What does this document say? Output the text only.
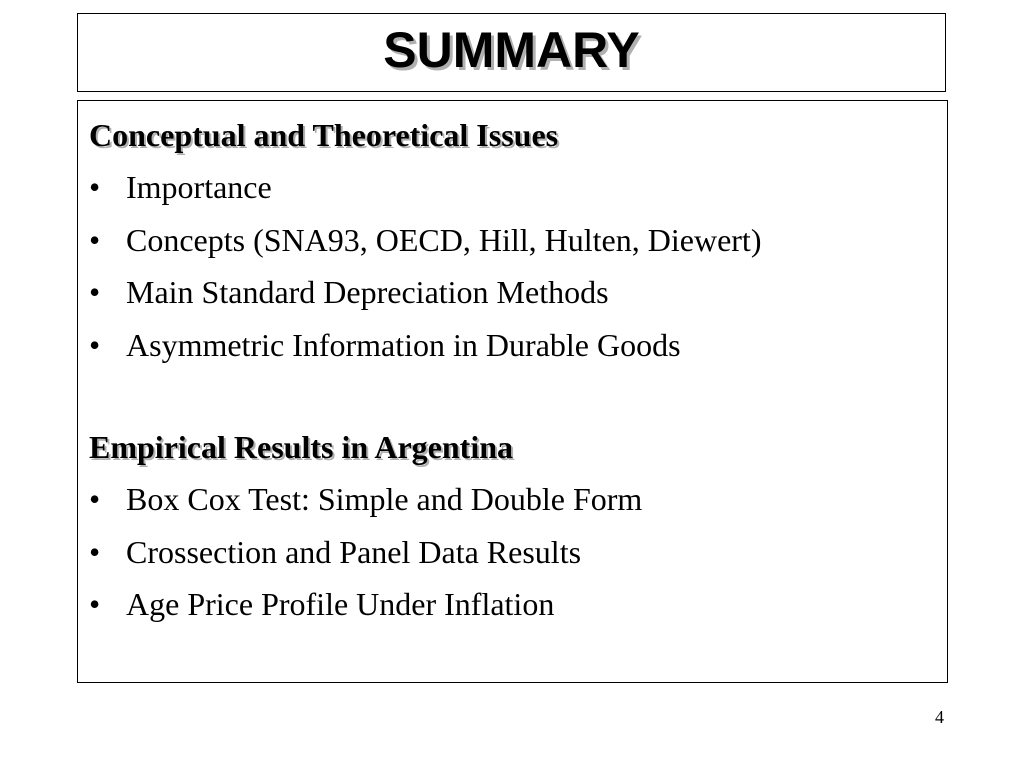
SUMMARY
Conceptual and Theoretical Issues
• Importance
• Concepts (SNA93, OECD, Hill, Hulten, Diewert)
• Main Standard Depreciation Methods
• Asymmetric Information in Durable Goods
Empirical Results in Argentina
• Box Cox Test: Simple and Double Form
• Crossection and Panel Data Results
• Age Price Profile Under Inflation
4
